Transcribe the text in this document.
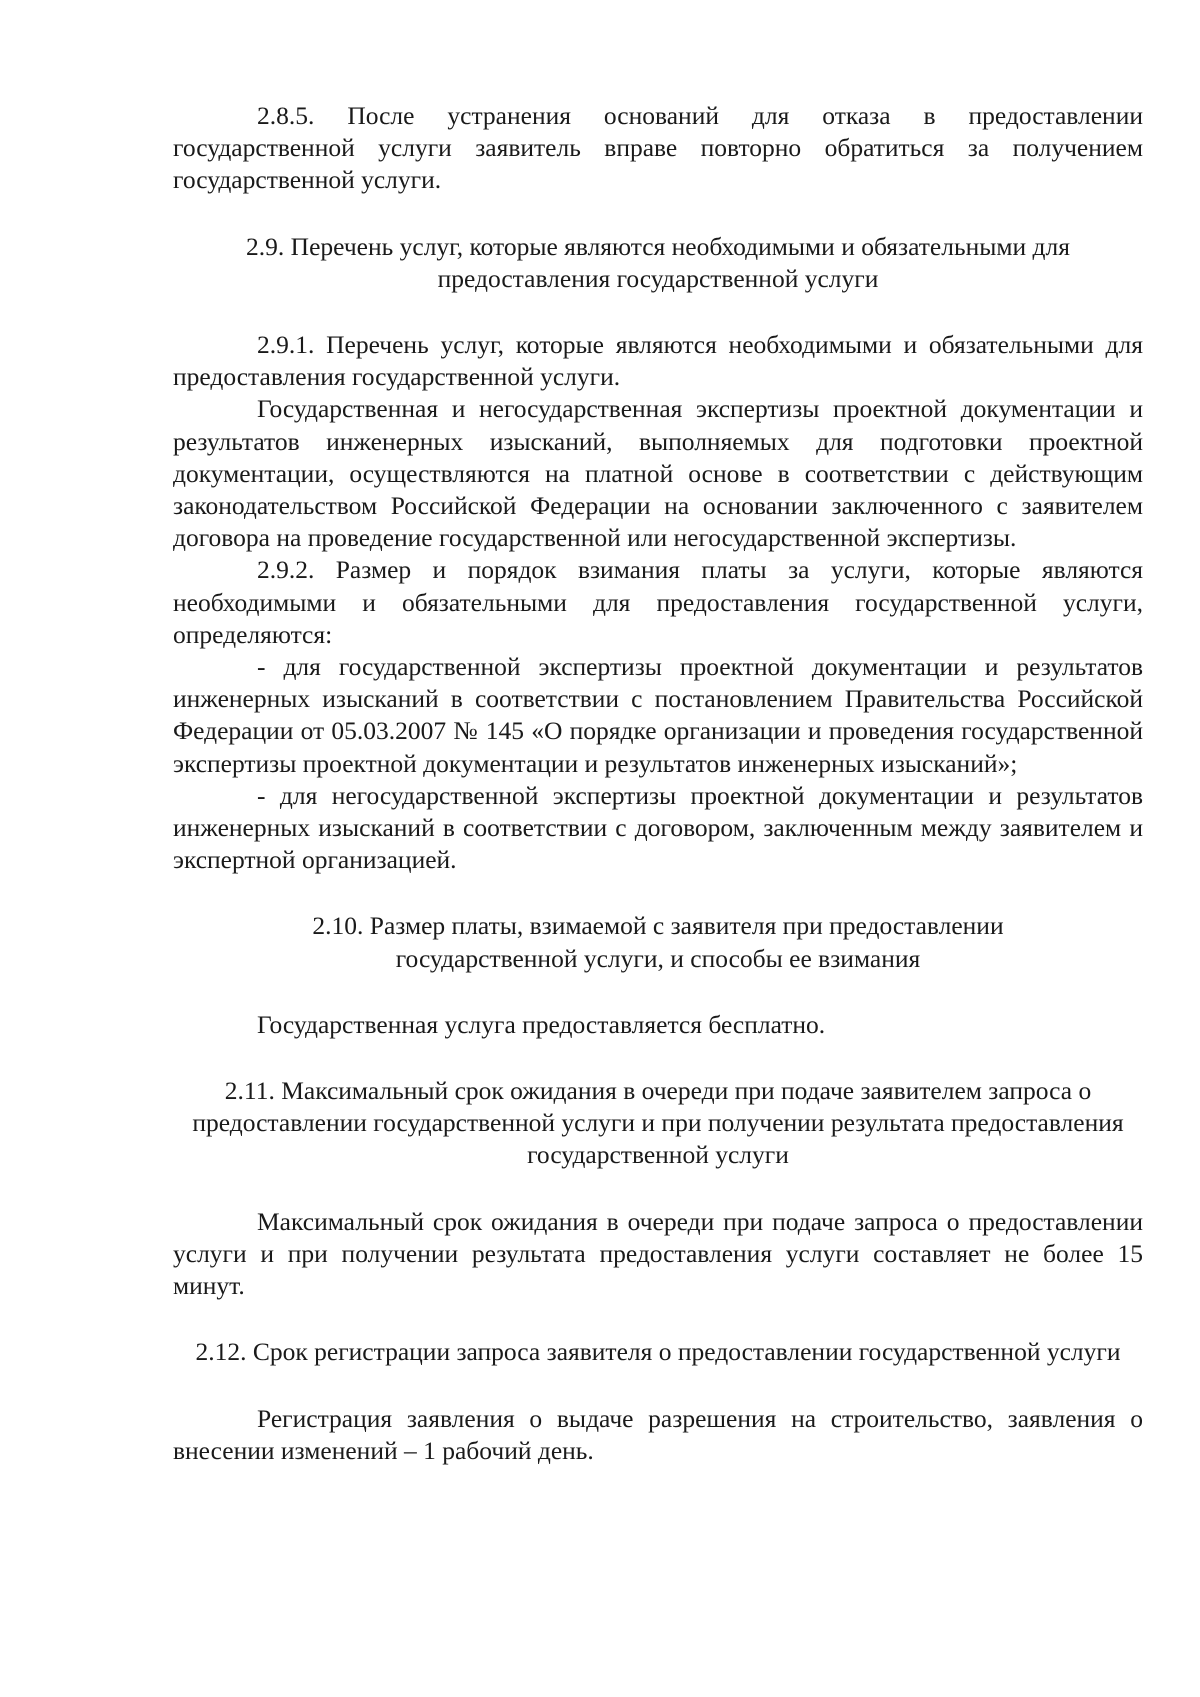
2.8.5. После устранения оснований для отказа в предоставлении государственной услуги заявитель вправе повторно обратиться за получением государственной услуги.

2.9. Перечень услуг, которые являются необходимыми и обязательными для предоставления государственной услуги

2.9.1. Перечень услуг, которые являются необходимыми и обязательными для предоставления государственной услуги.

Государственная и негосударственная экспертизы проектной документации и результатов инженерных изысканий, выполняемых для подготовки проектной документации, осуществляются на платной основе в соответствии с действующим законодательством Российской Федерации на основании заключенного с заявителем договора на проведение государственной или негосударственной экспертизы.

2.9.2. Размер и порядок взимания платы за услуги, которые являются необходимыми и обязательными для предоставления государственной услуги, определяются:

- для государственной экспертизы проектной документации и результатов инженерных изысканий в соответствии с постановлением Правительства Российской Федерации от 05.03.2007 № 145 «О порядке организации и проведения государственной экспертизы проектной документации и результатов инженерных изысканий»;

- для негосударственной экспертизы проектной документации и результатов инженерных изысканий в соответствии с договором, заключенным между заявителем и экспертной организацией.

2.10. Размер платы, взимаемой с заявителя при предоставлении государственной услуги, и способы ее взимания

Государственная услуга предоставляется бесплатно.

2.11. Максимальный срок ожидания в очереди при подаче заявителем запроса о предоставлении государственной услуги и при получении результата предоставления государственной услуги

Максимальный срок ожидания в очереди при подаче запроса о предоставлении услуги и при получении результата предоставления услуги составляет не более 15 минут.

2.12. Срок регистрации запроса заявителя о предоставлении государственной услуги

Регистрация заявления о выдаче разрешения на строительство, заявления о внесении изменений – 1 рабочий день.
